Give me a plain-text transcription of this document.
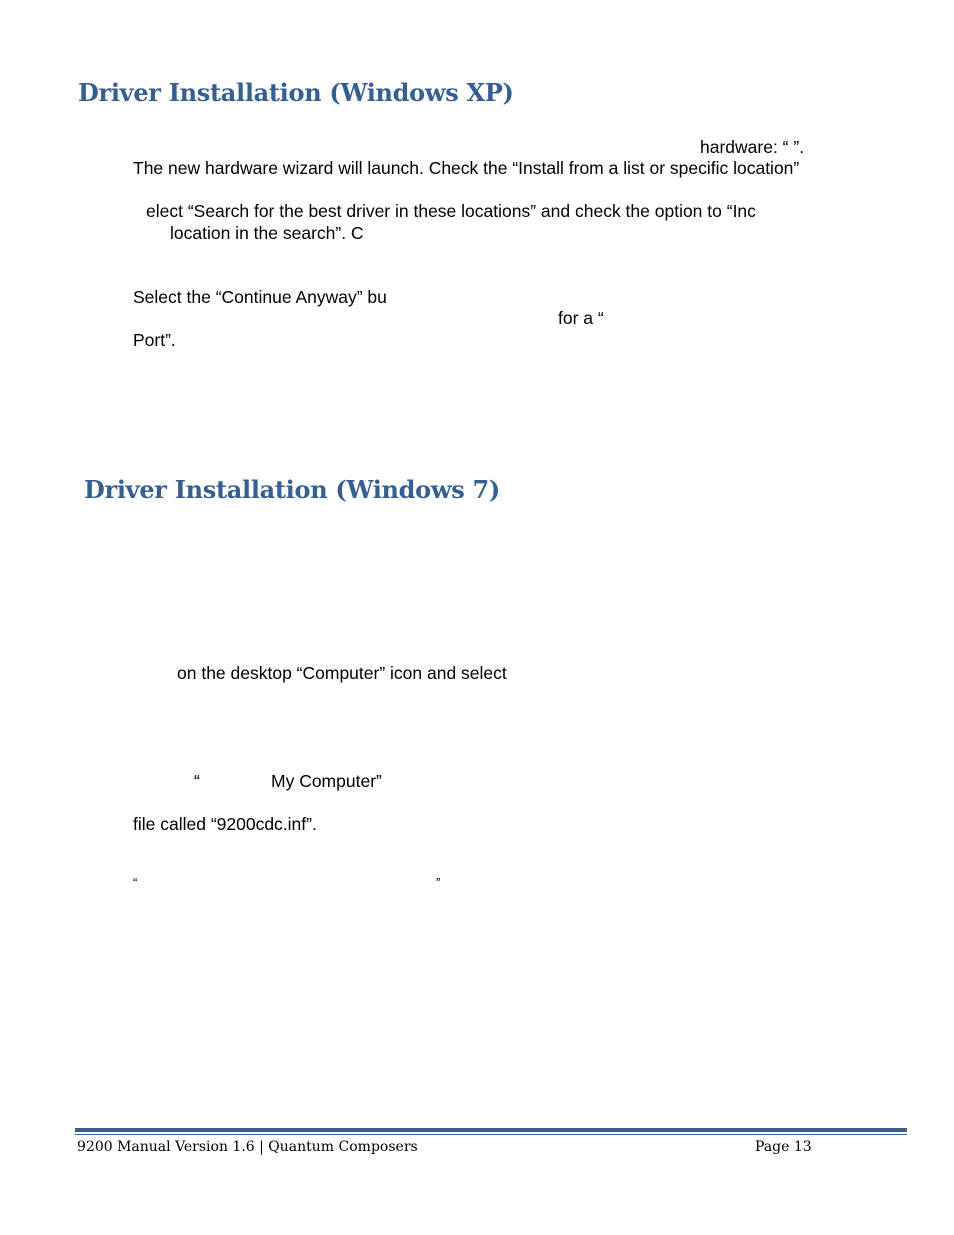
Driver Installation (Windows XP)

hardware: “ ”.

The new hardware wizard will launch. Check the “Install from a list or specific location”

elect “Search for the best driver in these locations” and check the option to “Inc

location in the search”. C

Select the “Continue Anyway” bu

for a “

Port”.

Driver Installation (Windows 7)

on the desktop “Computer” icon and select

“	My Computer”

file called “9200cdc.inf”.

“	”

9200 Manual Version 1.6 | Quantum Composers	Page 13
